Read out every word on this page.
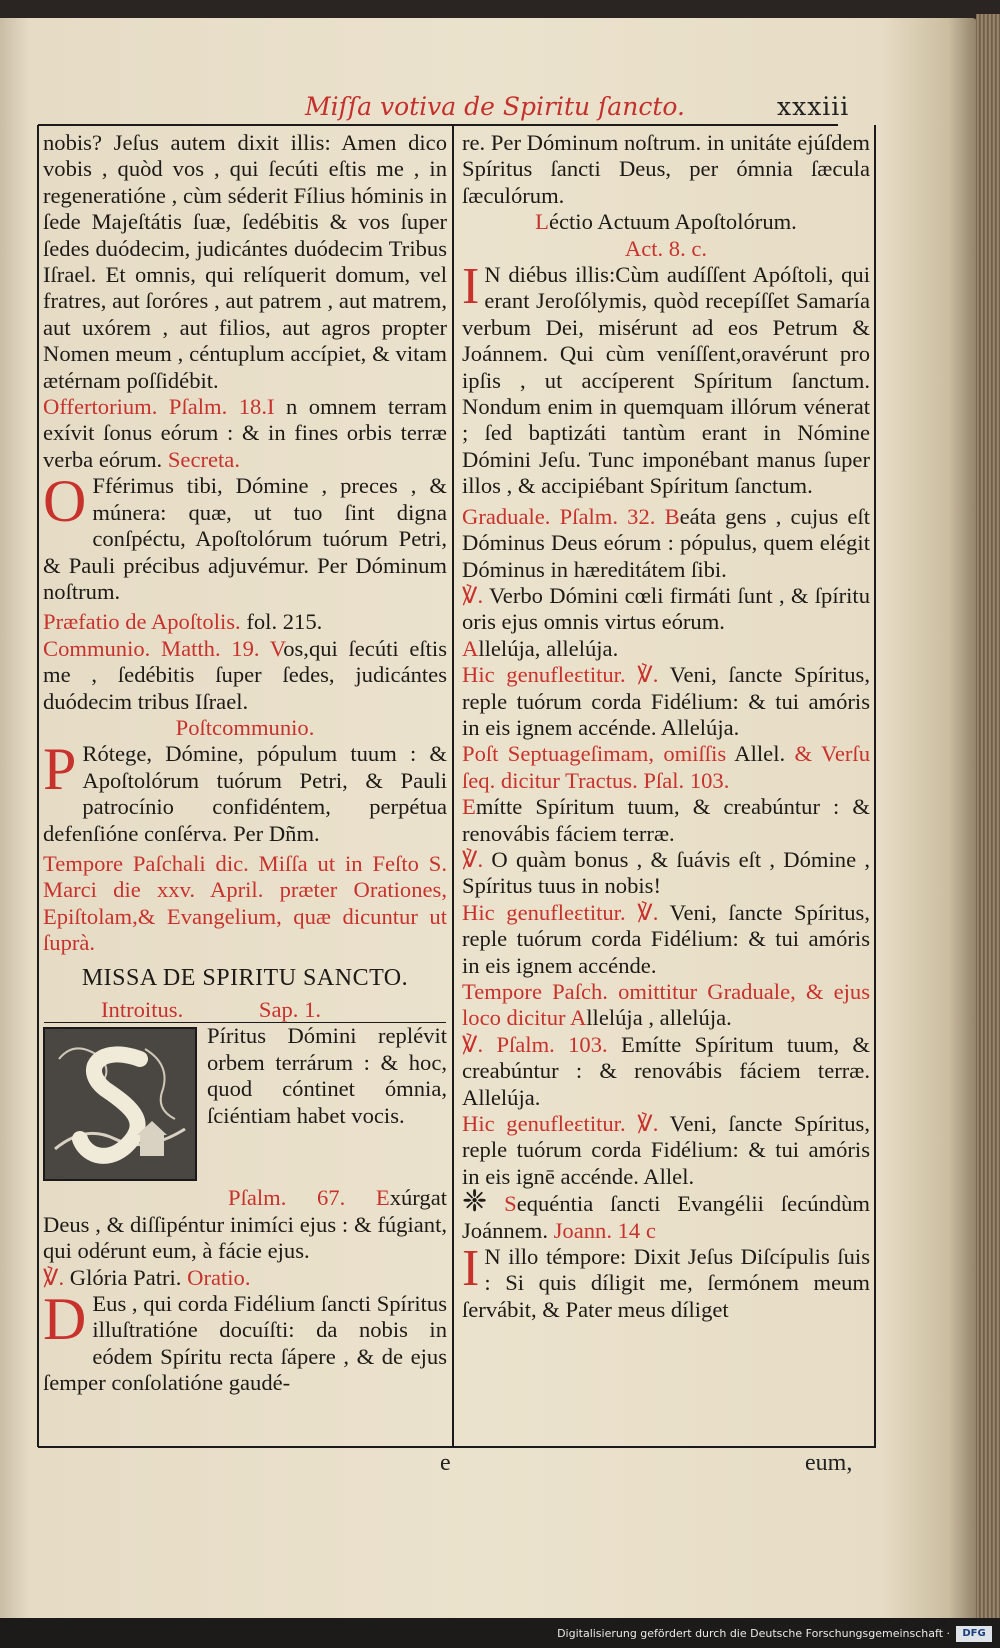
Miſſa votiva de Spiritu ſancto.	xxxiii

nobis? Jeſus autem dixit illis: Amen dico vobis , quòd vos , qui ſecúti eſtis me , in regeneratióne , cùm séderit Fílius hóminis in ſede Majeſtátis ſuæ, ſedébitis & vos ſuper ſedes duódecim, judicántes duódecim Tribus Iſrael. Et omnis, qui relíquerit domum, vel fratres, aut ſoróres , aut patrem , aut matrem, aut uxórem , aut filios, aut agros propter Nomen meum , céntuplum accípiet, & vitam ætérnam poſſidébit.

Offertorium. Pſalm. 18.I n omnem terram exívit ſonus eórum : & in fines orbis terræ verba eórum. Secreta.

O Fférimus tibi, Dómine , preces , & múnera: quæ, ut tuo ſint digna conſpéctu, Apoſtolórum tuórum Petri, & Pauli précibus adjuvémur. Per Dóminum noſtrum.

Præfatio de Apoſtolis. fol. 215.

Communio. Matth. 19. Vos,qui ſecúti eſtis me , ſedébitis ſuper ſedes, judicántes duódecim tribus Iſrael.

Poſtcommunio.

P Rótege, Dómine, pópulum tuum : & Apoſtolórum tuórum Petri, & Pauli patrocínio confidéntem, perpétua defenſióne conſérva. Per Dñm.

Tempore Paſchali dic. Miſſa ut in Feſto S. Marci die xxv. April. præter Orationes, Epiſtolam,& Evangelium, quæ dicuntur ut ſuprà.

MISSA DE SPIRITU SANCTO.

Introitus.	Sap. 1.

Píritus Dómini replévit orbem terrárum : & hoc, quod cóntinet ómnia, ſciéntiam habet vocis.

Pſalm. 67. Exúrgat Deus , & diſſipéntur inimíci ejus : & fúgiant, qui odérunt eum, à fácie ejus.

℣. Glória Patri. Oratio.

D Eus , qui corda Fidélium ſancti Spíritus illuſtratióne docuíſti: da nobis in eódem Spíritu recta ſápere , & de ejus ſemper conſolatióne gaudé-

re. Per Dóminum noſtrum. in unitáte ejúſdem Spíritus ſancti Deus, per ómnia ſæcula ſæculórum.

Léctio Actuum Apoſtolórum.

Act. 8. c.

I N diébus illis:Cùm audíſſent Apóſtoli, qui erant Jeroſólymis, quòd recepíſſet Samaría verbum Dei, misérunt ad eos Petrum & Joánnem. Qui cùm veníſſent,oravérunt pro ipſis , ut accíperent Spíritum ſanctum. Nondum enim in quemquam illórum vénerat ; ſed baptizáti tantùm erant in Nómine Dómini Jeſu. Tunc imponébant manus ſuper illos , & accipiébant Spíritum ſanctum.

Graduale. Pſalm. 32. Beáta gens , cujus eſt Dóminus Deus eórum : pópulus, quem elégit Dóminus in hæreditátem ſibi.

℣. Verbo Dómini cœli firmáti ſunt , & ſpíritu oris ejus omnis virtus eórum.

Allelúja, allelúja.

Hic genufleɛtitur. ℣. Veni, ſancte Spíritus, reple tuórum corda Fidélium: & tui amóris in eis ignem accénde. Allelúja.

Poſt Septuageſimam, omiſſis Allel. & Verſu ſeq. dicitur Tractus. Pſal. 103.

Emítte Spíritum tuum, & creabúntur : & renovábis fáciem terræ.

℣. O quàm bonus , & ſuávis eſt , Dómine , Spíritus tuus in nobis!

Hic genufleɛtitur. ℣. Veni, ſancte Spíritus, reple tuórum corda Fidélium: & tui amóris in eis ignem accénde.

Tempore Paſch. omittitur Graduale, & ejus loco dicitur Allelúja , allelúja.

℣. Pſalm. 103. Emítte Spíritum tuum, & creabúntur : & renovábis fáciem terræ. Allelúja.

Hic genufleɛtitur. ℣. Veni, ſancte Spíritus, reple tuórum corda Fidélium: & tui amóris in eis ignē accénde. Allel.

❈ Sequéntia ſancti Evangélii ſecúndùm Joánnem. Joann. 14 c

I N illo témpore: Dixit Jeſus Diſcípulis ſuis : Si quis díligit me, ſermónem meum ſervábit, & Pater meus díliget

e	eum,
Digitalisierung gefördert durch die Deutsche Forschungsgemeinschaft ·	DFG
